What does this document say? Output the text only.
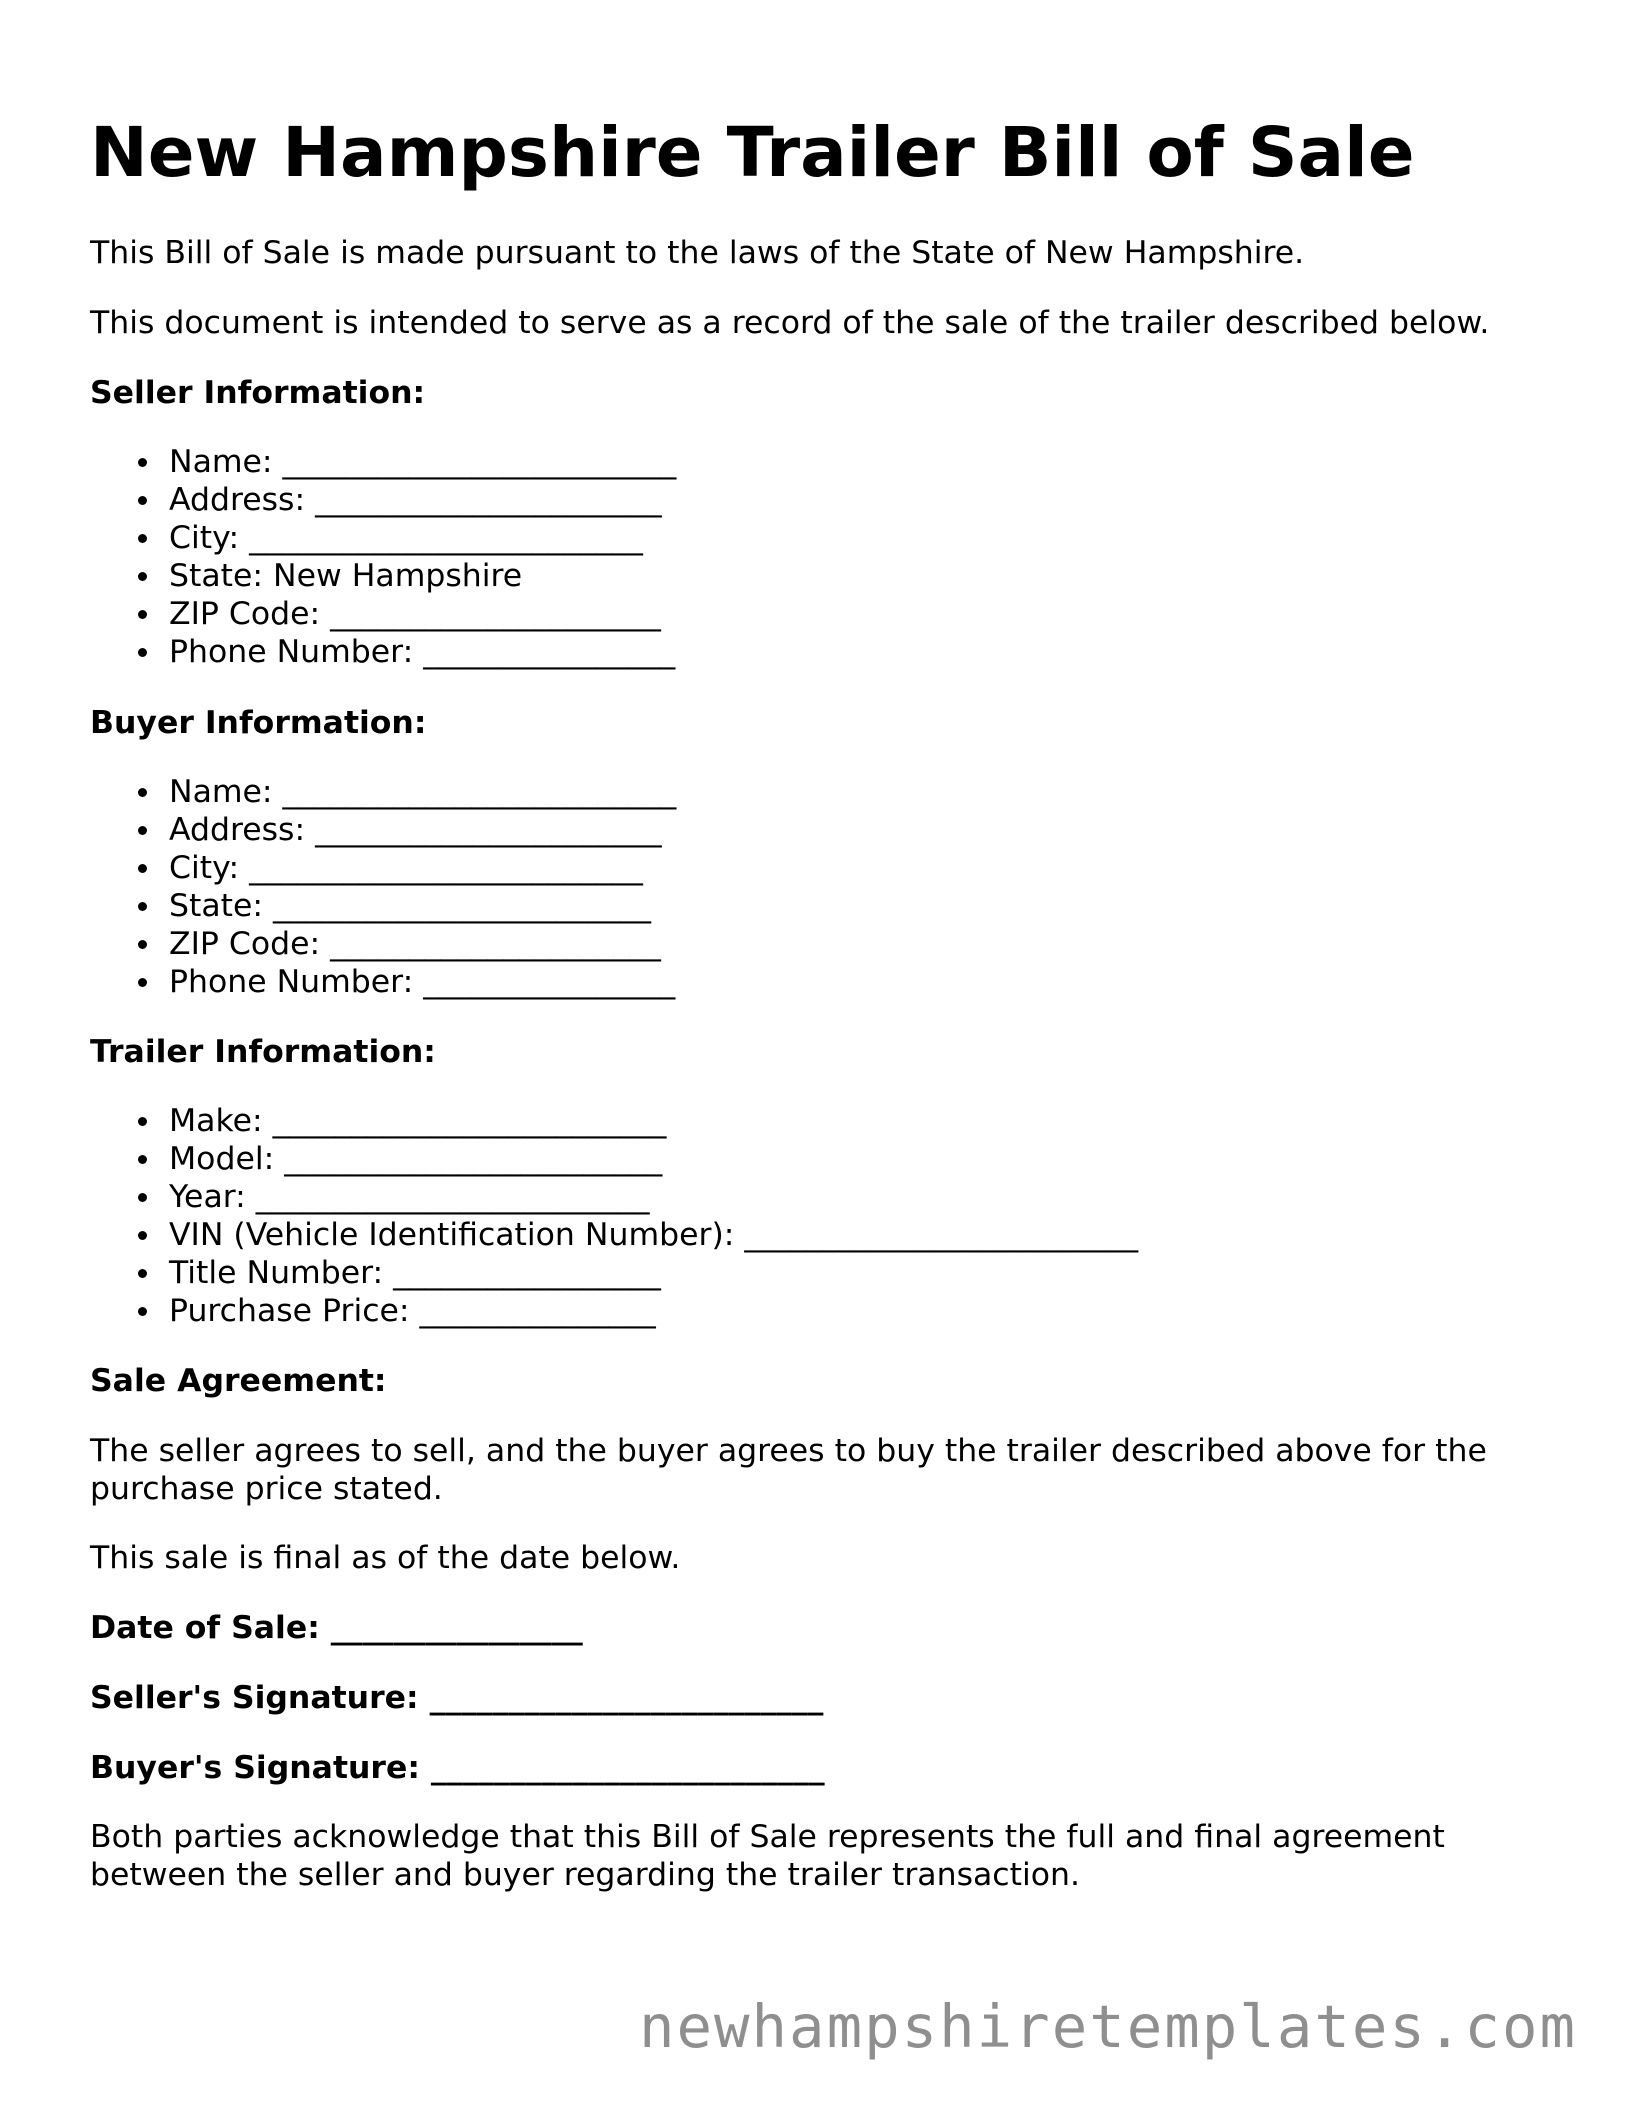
New Hampshire Trailer Bill of Sale

This Bill of Sale is made pursuant to the laws of the State of New Hampshire.

This document is intended to serve as a record of the sale of the trailer described below.

Seller Information:

Name: _________________________
Address: ______________________
City: _________________________
State: New Hampshire
ZIP Code: _____________________
Phone Number: ________________

Buyer Information:

Name: _________________________
Address: ______________________
City: _________________________
State: ________________________
ZIP Code: _____________________
Phone Number: ________________

Trailer Information:

Make: _________________________
Model: ________________________
Year: _________________________
VIN (Vehicle Identification Number): _________________________
Title Number: _________________
Purchase Price: _______________

Sale Agreement:

The seller agrees to sell, and the buyer agrees to buy the trailer described above for the purchase price stated.

This sale is final as of the date below.

Date of Sale: ________________

Seller's Signature: _________________________

Buyer's Signature: _________________________

Both parties acknowledge that this Bill of Sale represents the full and final agreement between the seller and buyer regarding the trailer transaction.

newhampshiretemplates.com
